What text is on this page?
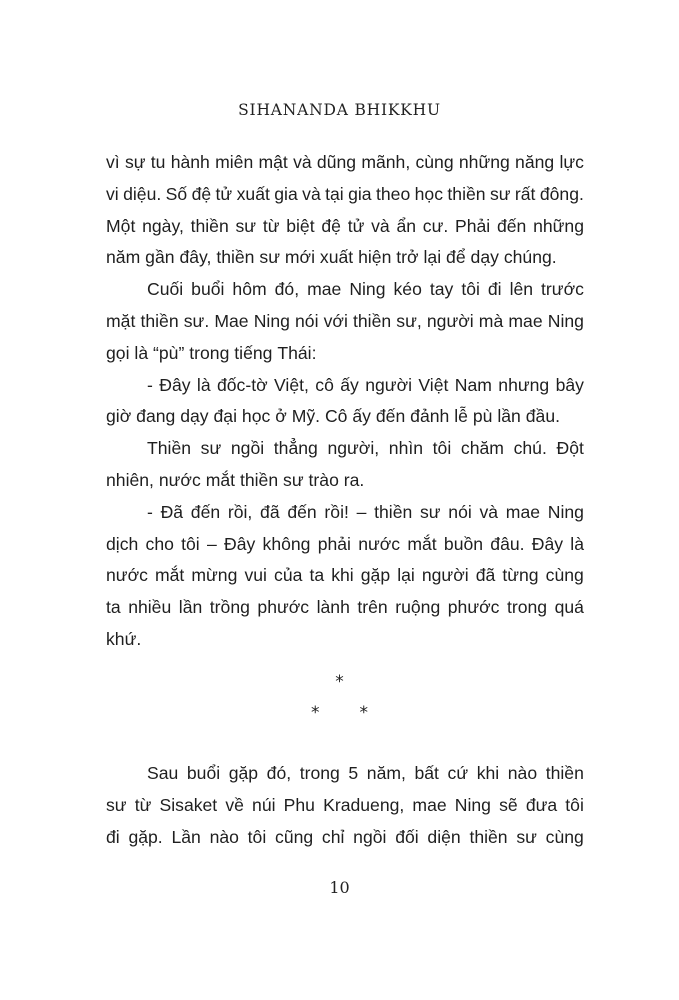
SIHANANDA BHIKKHU
vì sự tu hành miên mật và dũng mãnh, cùng những năng lực
vi diệu. Số đệ tử xuất gia và tại gia theo học thiền sư rất đông.
Một ngày, thiền sư từ biệt đệ tử và ẩn cư. Phải đến những
năm gần đây, thiền sư mới xuất hiện trở lại để dạy chúng.
Cuối buổi hôm đó, mae Ning kéo tay tôi đi lên trước
mặt thiền sư. Mae Ning nói với thiền sư, người mà mae Ning
gọi là “pù” trong tiếng Thái:
- Đây là đốc-tờ Việt, cô ấy người Việt Nam nhưng bây
giờ đang dạy đại học ở Mỹ. Cô ấy đến đảnh lễ pù lần đầu.
Thiền sư ngồi thẳng người, nhìn tôi chăm chú. Đột
nhiên, nước mắt thiền sư trào ra.
- Đã đến rồi, đã đến rồi! – thiền sư nói và mae Ning
dịch cho tôi – Đây không phải nước mắt buồn đâu. Đây là
nước mắt mừng vui của ta khi gặp lại người đã từng cùng
ta nhiều lần trồng phước lành trên ruộng phước trong quá
khứ.
*
* *
Sau buổi gặp đó, trong 5 năm, bất cứ khi nào thiền
sư từ Sisaket về núi Phu Kradueng, mae Ning sẽ đưa tôi
đi gặp. Lần nào tôi cũng chỉ ngồi đối diện thiền sư cùng
10
